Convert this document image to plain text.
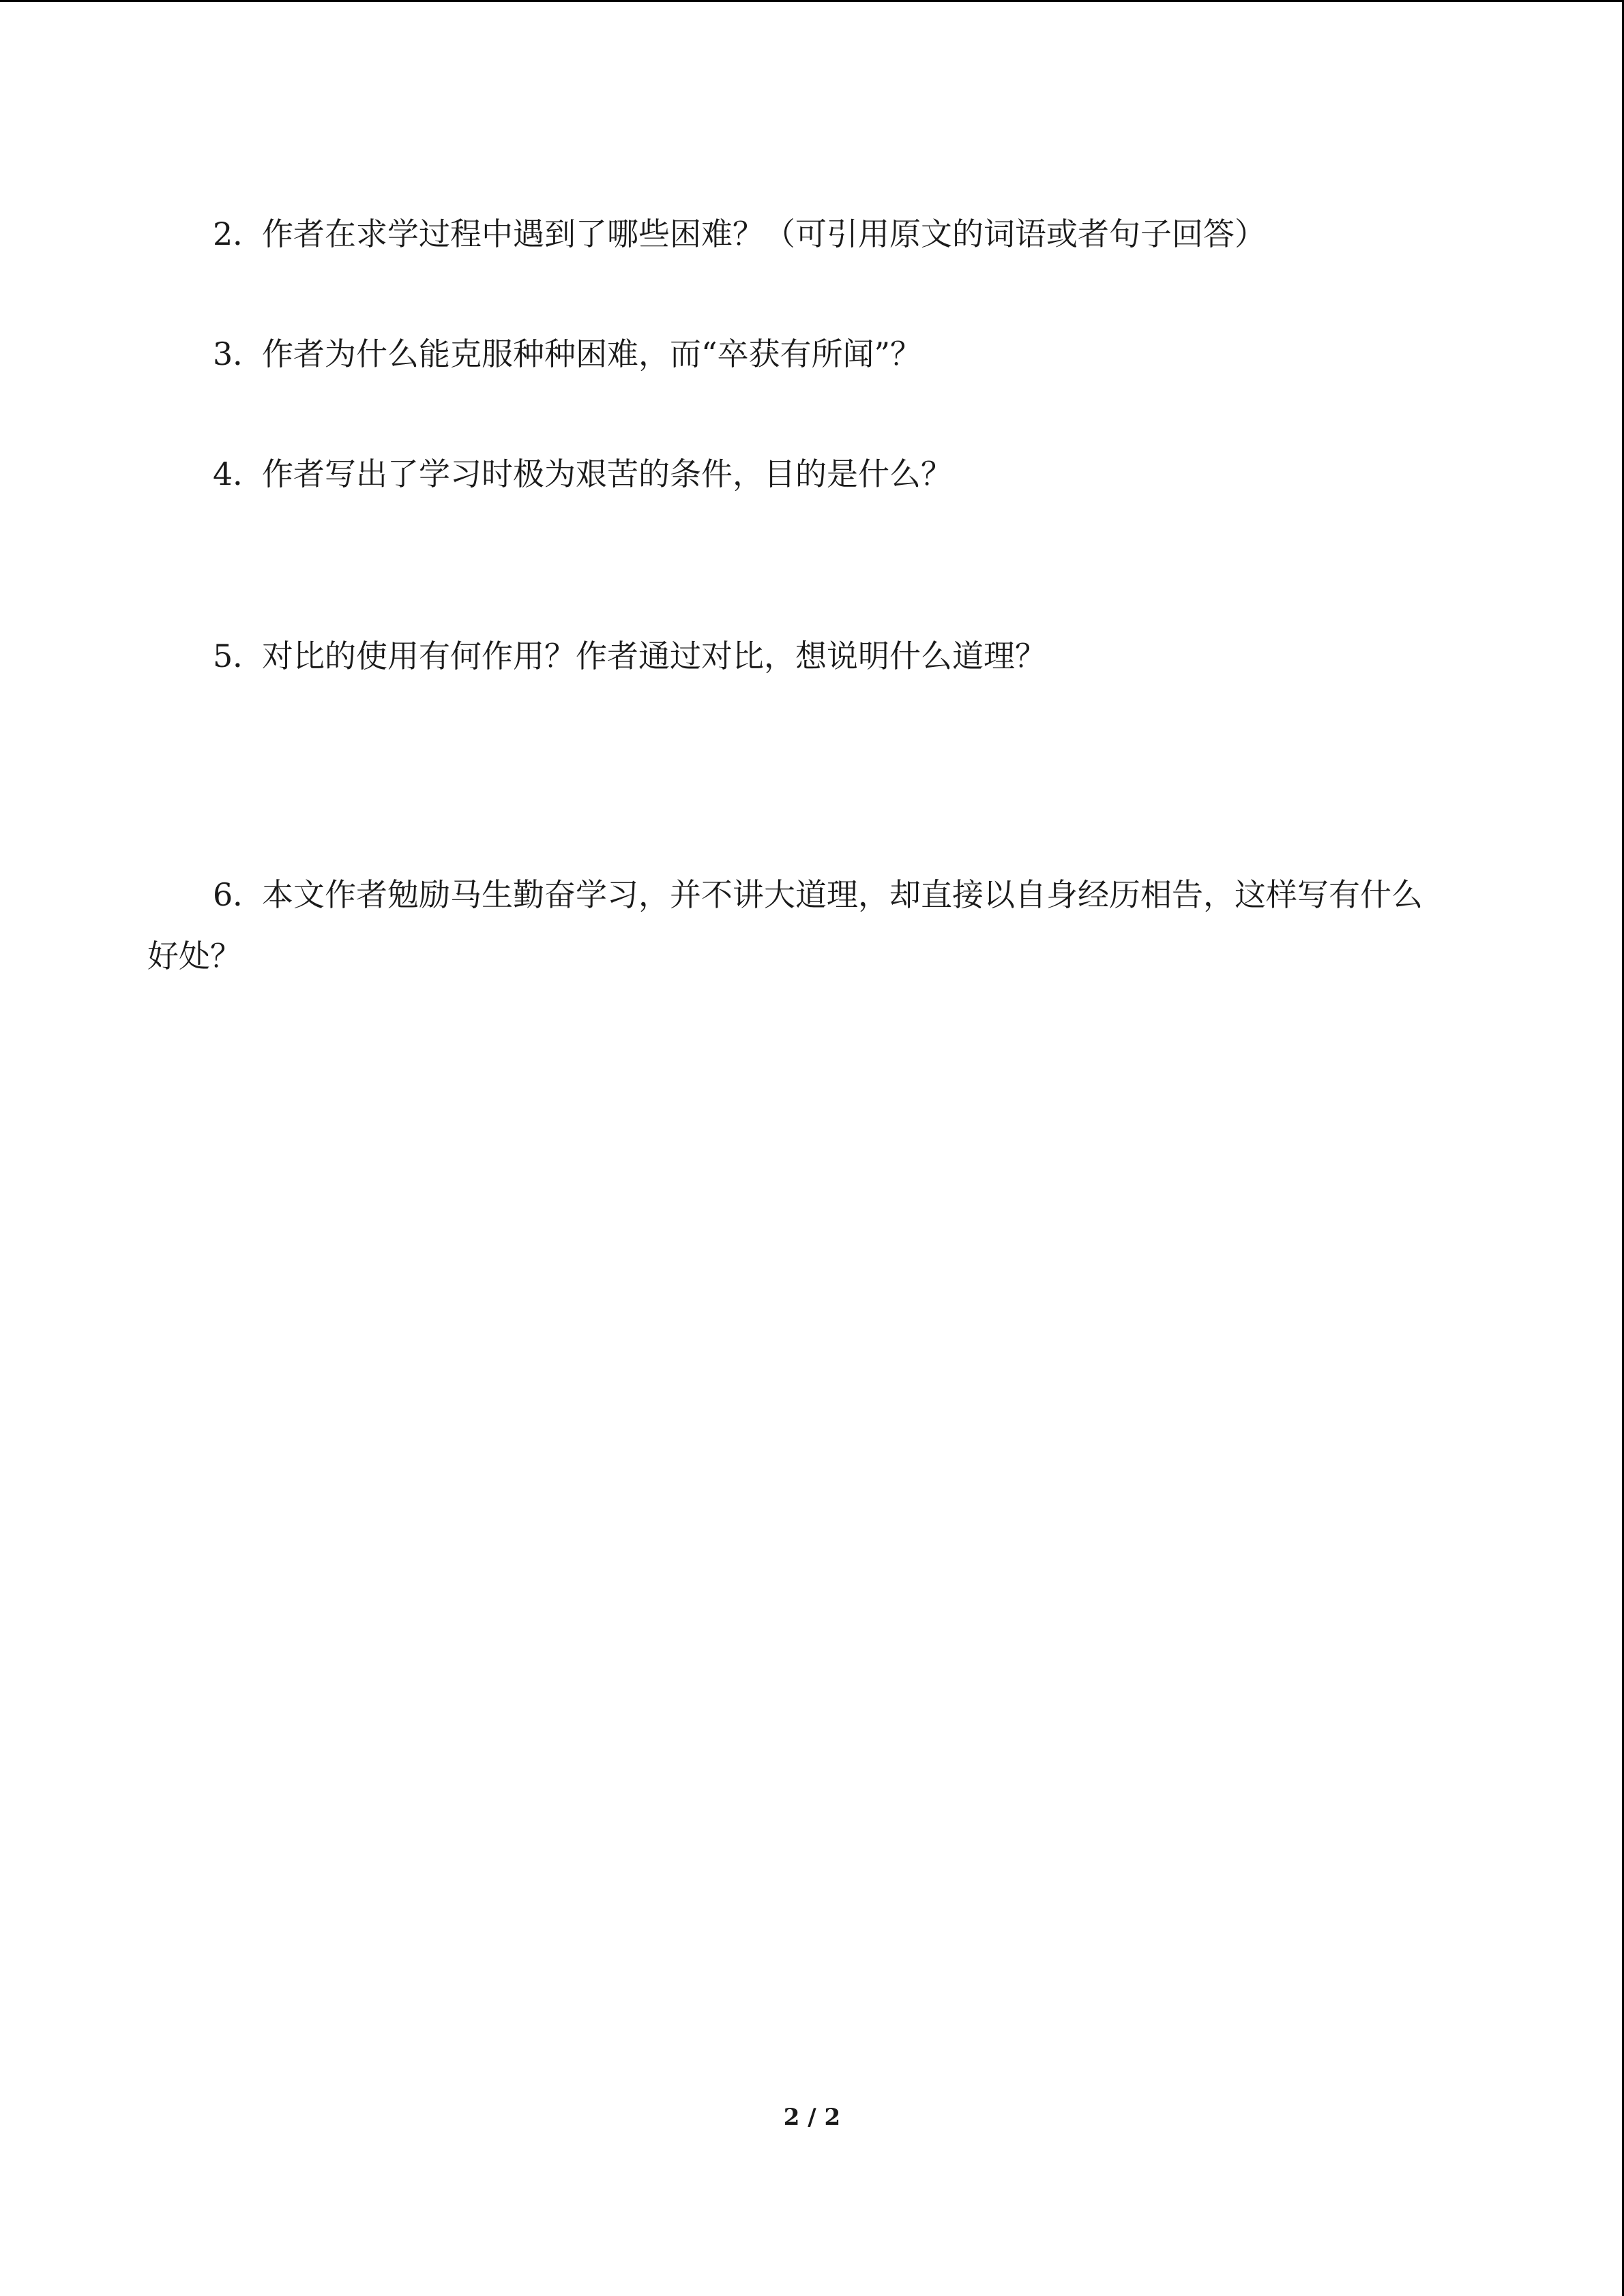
2．作者在求学过程中遇到了哪些困难？（可引用原文的词语或者句子回答）
3．作者为什么能克服种种困难，而“卒获有所闻”？
4．作者写出了学习时极为艰苦的条件，目的是什么？
5．对比的使用有何作用？作者通过对比，想说明什么道理？
6．本文作者勉励马生勤奋学习，并不讲大道理，却直接以自身经历相告，这样写有什么
好处？
2 / 2
